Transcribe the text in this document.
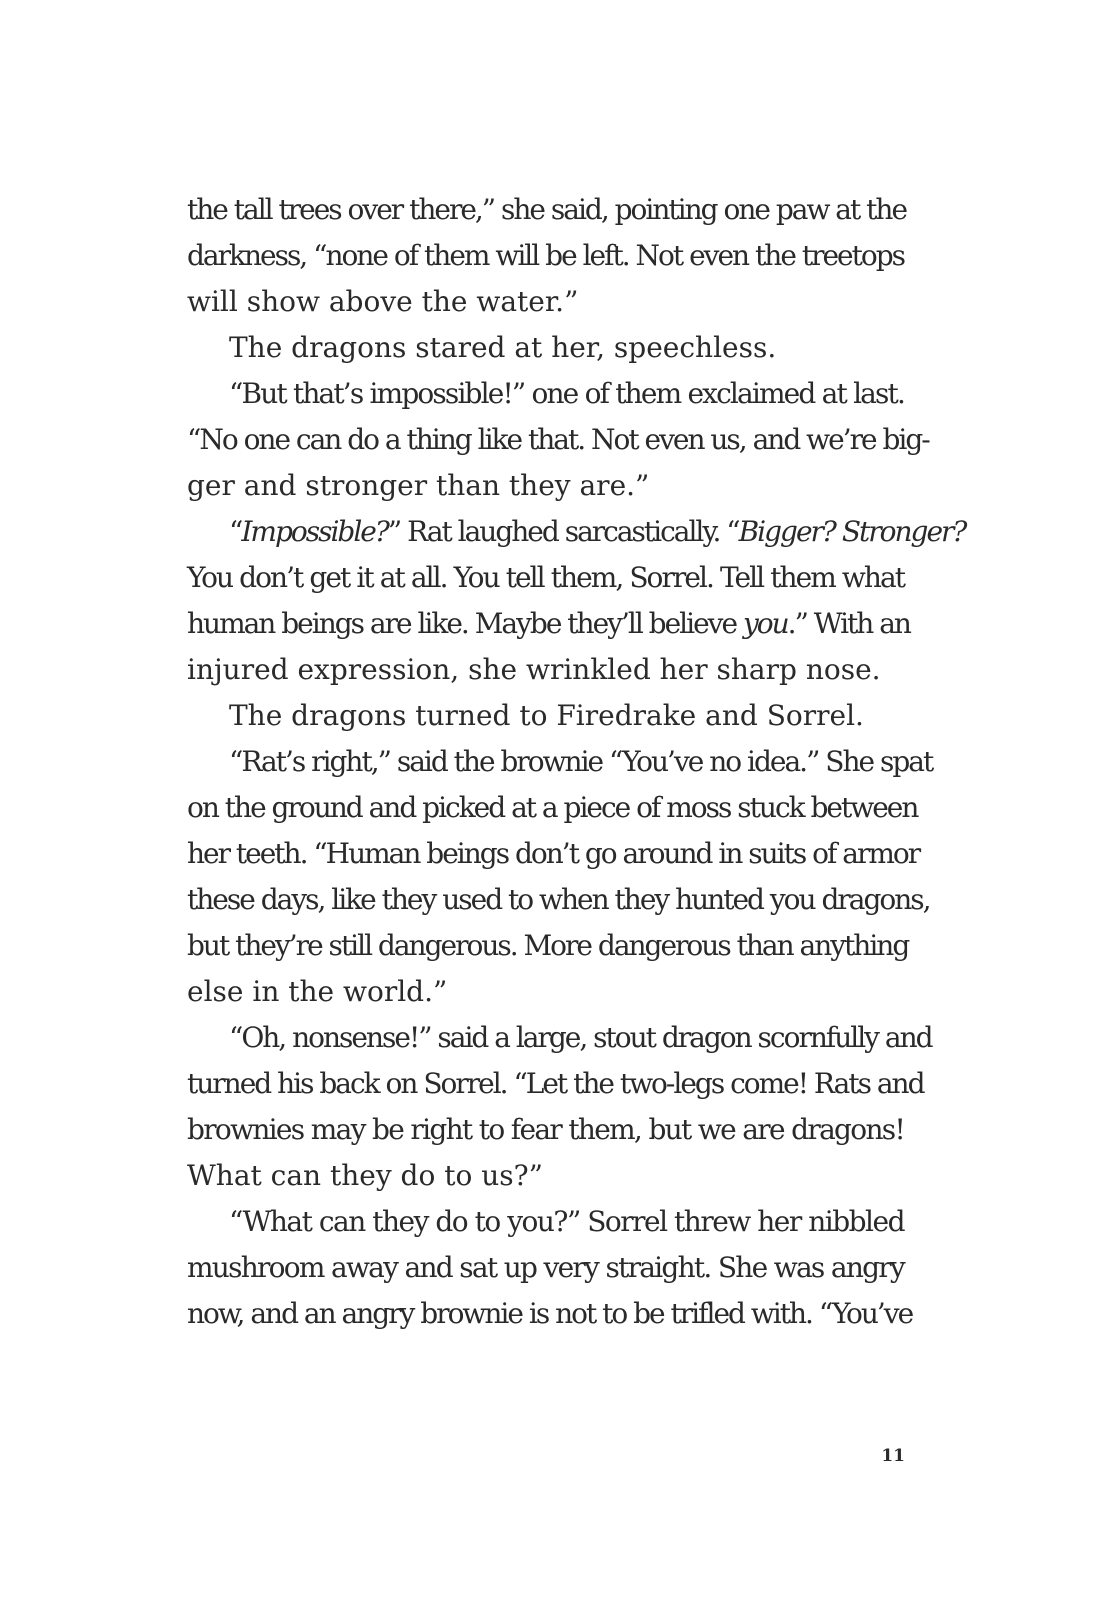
the tall trees over there,” she said, pointing one paw at the
darkness, “none of them will be left. Not even the treetops
will show above the water.”
The dragons stared at her, speechless.
“But that’s impossible!” one of them exclaimed at last.
“No one can do a thing like that. Not even us, and we’re big-
ger and stronger than they are.”
“Impossible?” Rat laughed sarcastically. “Bigger? Stronger?
You don’t get it at all. You tell them, Sorrel. Tell them what
human beings are like. Maybe they’ll believe you.” With an
injured expression, she wrinkled her sharp nose.
The dragons turned to Firedrake and Sorrel.
“Rat’s right,” said the brownie “You’ve no idea.” She spat
on the ground and picked at a piece of moss stuck between
her teeth. “Human beings don’t go around in suits of armor
these days, like they used to when they hunted you dragons,
but they’re still dangerous. More dangerous than anything
else in the world.”
“Oh, nonsense!” said a large, stout dragon scornfully and
turned his back on Sorrel. “Let the two-legs come! Rats and
brownies may be right to fear them, but we are dragons!
What can they do to us?”
“What can they do to you?” Sorrel threw her nibbled
mushroom away and sat up very straight. She was angry
now, and an angry brownie is not to be trifled with. “You’ve
11
